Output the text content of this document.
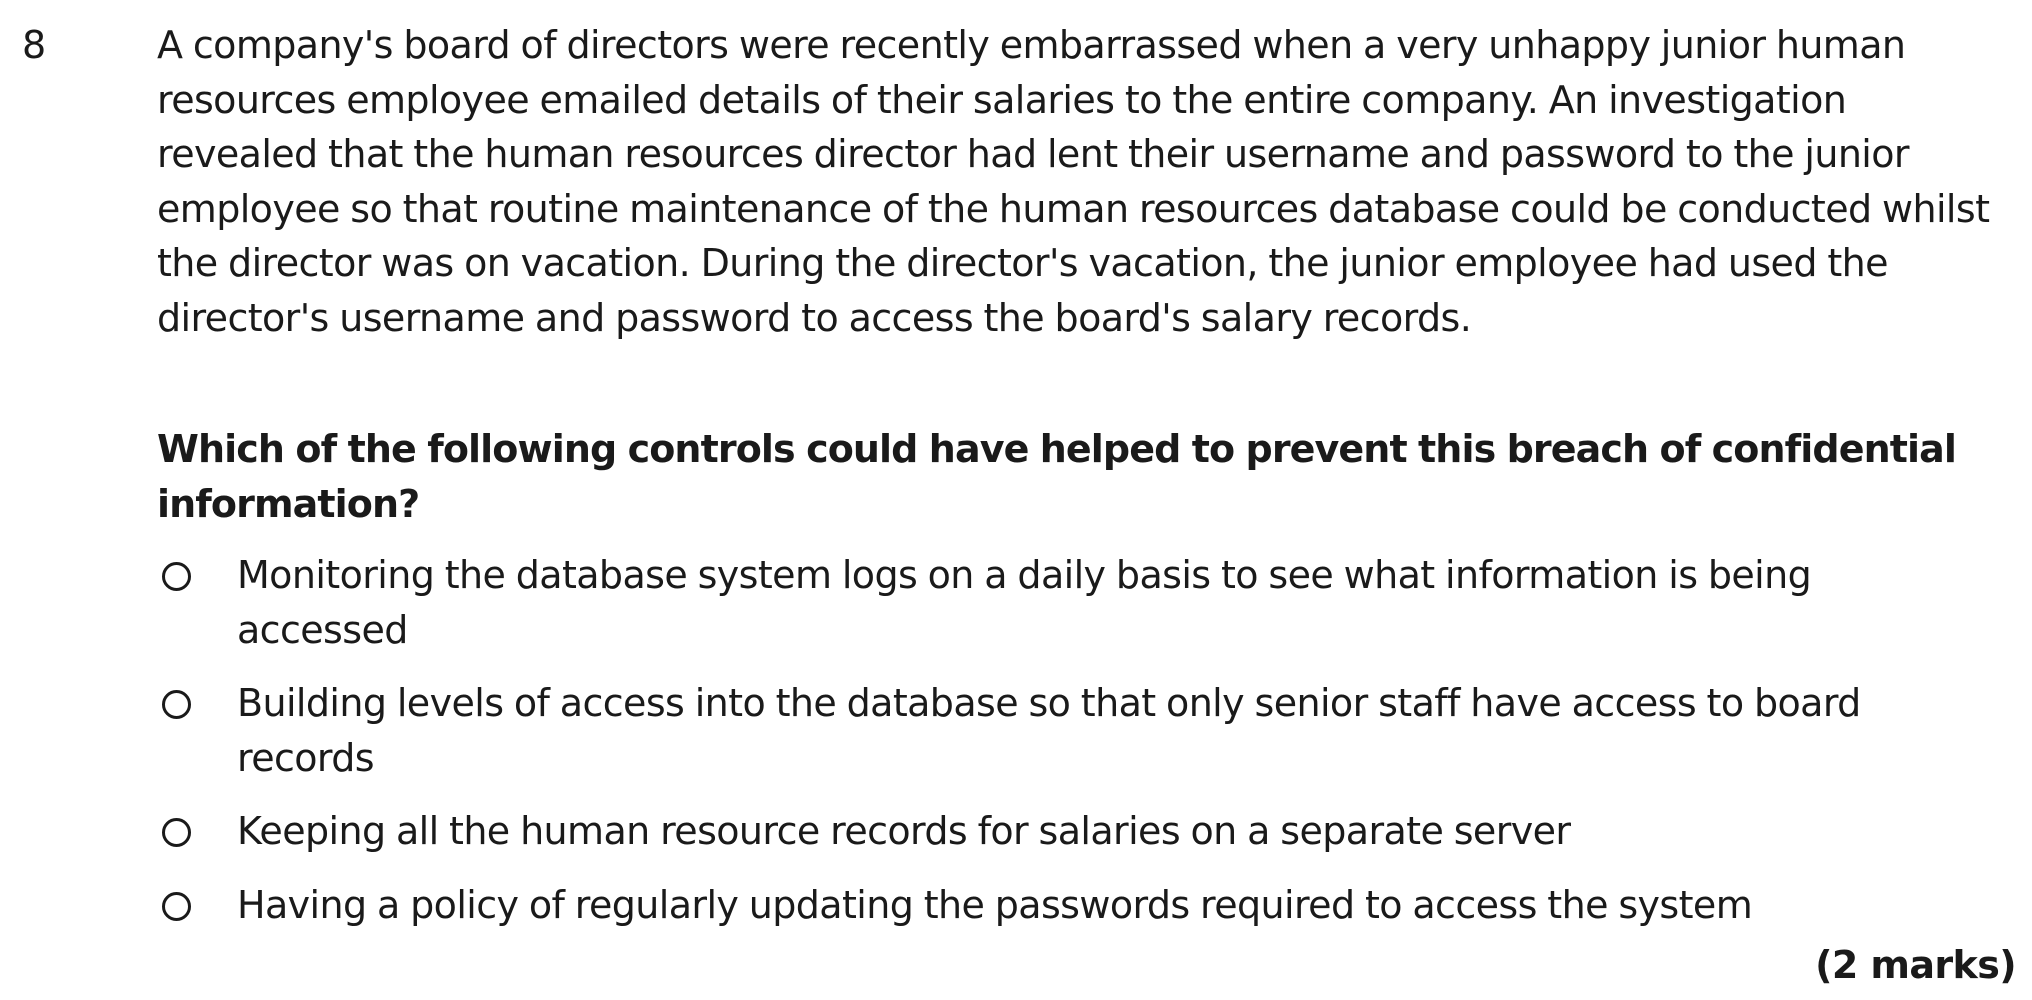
8	A company's board of directors were recently embarrassed when a very unhappy junior human resources employee emailed details of their salaries to the entire company. An investigation revealed that the human resources director had lent their username and password to the junior employee so that routine maintenance of the human resources database could be conducted whilst the director was on vacation. During the director's vacation, the junior employee had used the director's username and password to access the board's salary records.

Which of the following controls could have helped to prevent this breach of confidential information?

Monitoring the database system logs on a daily basis to see what information is being accessed
Building levels of access into the database so that only senior staff have access to board records
Keeping all the human resource records for salaries on a separate server
Having a policy of regularly updating the passwords required to access the system
(2 marks)
